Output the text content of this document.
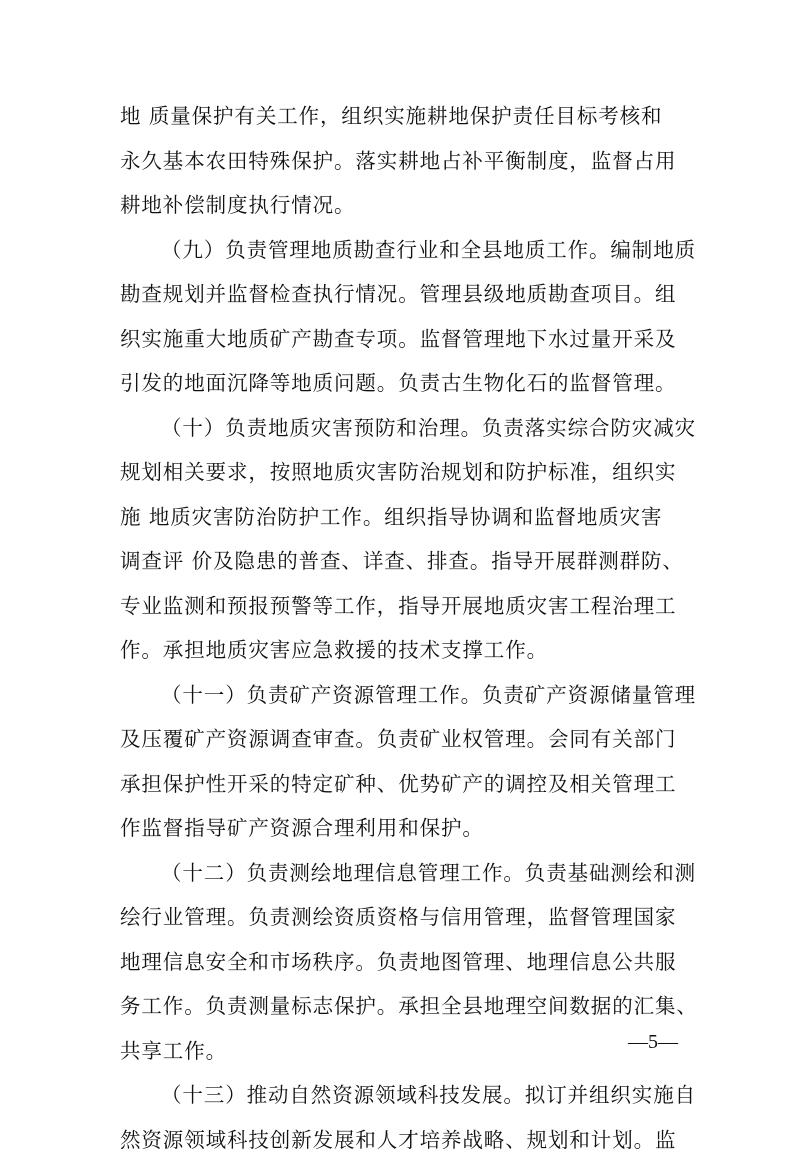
地 质量保护有关工作，组织实施耕地保护责任目标考核和
永久基本农田特殊保护。落实耕地占补平衡制度，监督占用
耕地补偿制度执行情况。
（九）负责管理地质勘查行业和全县地质工作。编制地质
勘查规划并监督检查执行情况。管理县级地质勘查项目。组
织实施重大地质矿产勘查专项。监督管理地下水过量开采及
引发的地面沉降等地质问题。负责古生物化石的监督管理。
（十）负责地质灾害预防和治理。负责落实综合防灾减灾
规划相关要求，按照地质灾害防治规划和防护标准，组织实
施 地质灾害防治防护工作。组织指导协调和监督地质灾害
调查评 价及隐患的普查、详查、排查。指导开展群测群防、
专业监测和预报预警等工作，指导开展地质灾害工程治理工
作。承担地质灾害应急救援的技术支撑工作。
（十一）负责矿产资源管理工作。负责矿产资源储量管理
及压覆矿产资源调查审查。负责矿业权管理。会同有关部门
承担保护性开采的特定矿种、优势矿产的调控及相关管理工
作监督指导矿产资源合理利用和保护。
（十二）负责测绘地理信息管理工作。负责基础测绘和测
绘行业管理。负责测绘资质资格与信用管理，监督管理国家
地理信息安全和市场秩序。负责地图管理、地理信息公共服
务工作。负责测量标志保护。承担全县地理空间数据的汇集、
共享工作。
（十三）推动自然资源领域科技发展。拟订并组织实施自
然资源领域科技创新发展和人才培养战略、规划和计划。监
—5—
